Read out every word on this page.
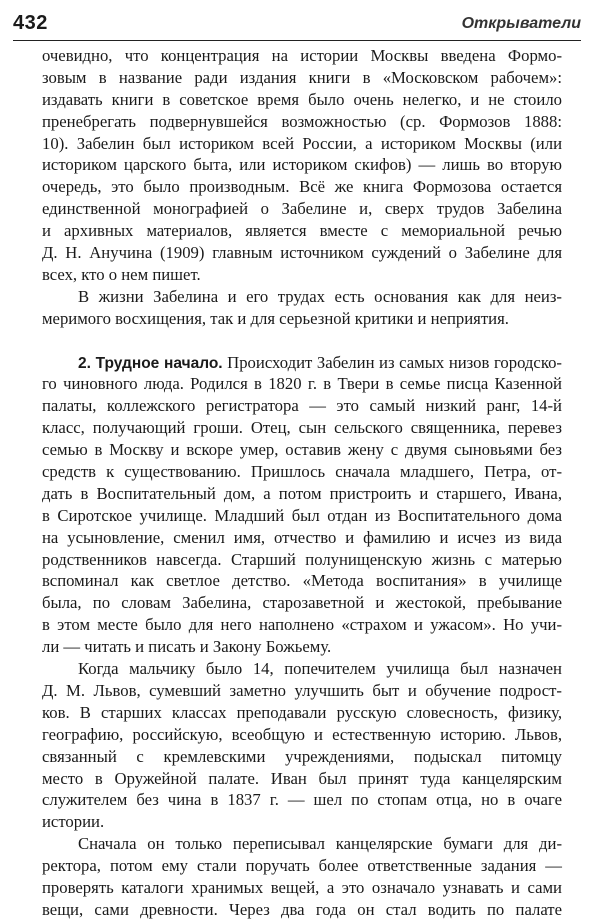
432	Открыватели
очевидно, что концентрация на истории Москвы введена Формо-
зовым в название ради издания книги в «Московском рабочем»:
издавать книги в советское время было очень нелегко, и не стоило
пренебрегать подвернувшейся возможностью (ср. Формозов 1888:
10). Забелин был историком всей России, а историком Москвы (или
историком царского быта, или историком скифов) — лишь во вторую
очередь, это было производным. Всё же книга Формозова остается
единственной монографией о Забелине и, сверх трудов Забелина
и архивных материалов, является вместе с мемориальной речью
Д. Н. Анучина (1909) главным источником суждений о Забелине для
всех, кто о нем пишет.
В жизни Забелина и его трудах есть основания как для неиз-
меримого восхищения, так и для серьезной критики и неприятия.
2. Трудное начало. Происходит Забелин из самых низов городско-
го чиновного люда. Родился в 1820 г. в Твери в семье писца Казенной
палаты, коллежского регистратора — это самый низкий ранг, 14-й
класс, получающий гроши. Отец, сын сельского священника, перевез
семью в Москву и вскоре умер, оставив жену с двумя сыновьями без
средств к существованию. Пришлось сначала младшего, Петра, от-
дать в Воспитательный дом, а потом пристроить и старшего, Ивана,
в Сиротское училище. Младший был отдан из Воспитательного дома
на усыновление, сменил имя, отчество и фамилию и исчез из вида
родственников навсегда. Старший полунищенскую жизнь с матерью
вспоминал как светлое детство. «Метода воспитания» в училище
была, по словам Забелина, старозаветной и жестокой, пребывание
в этом месте было для него наполнено «страхом и ужасом». Но учи-
ли — читать и писать и Закону Божьему.
Когда мальчику было 14, попечителем училища был назначен
Д. М. Львов, сумевший заметно улучшить быт и обучение подрост-
ков. В старших классах преподавали русскую словесность, физику,
географию, российскую, всеобщую и естественную историю. Львов,
связанный с кремлевскими учреждениями, подыскал питомцу
место в Оружейной палате. Иван был принят туда канцелярским
служителем без чина в 1837 г. — шел по стопам отца, но в очаге
истории.
Сначала он только переписывал канцелярские бумаги для ди-
ректора, потом ему стали поручать более ответственные задания —
проверять каталоги хранимых вещей, а это означало узнавать и сами
вещи, сами древности. Через два года он стал водить по палате
